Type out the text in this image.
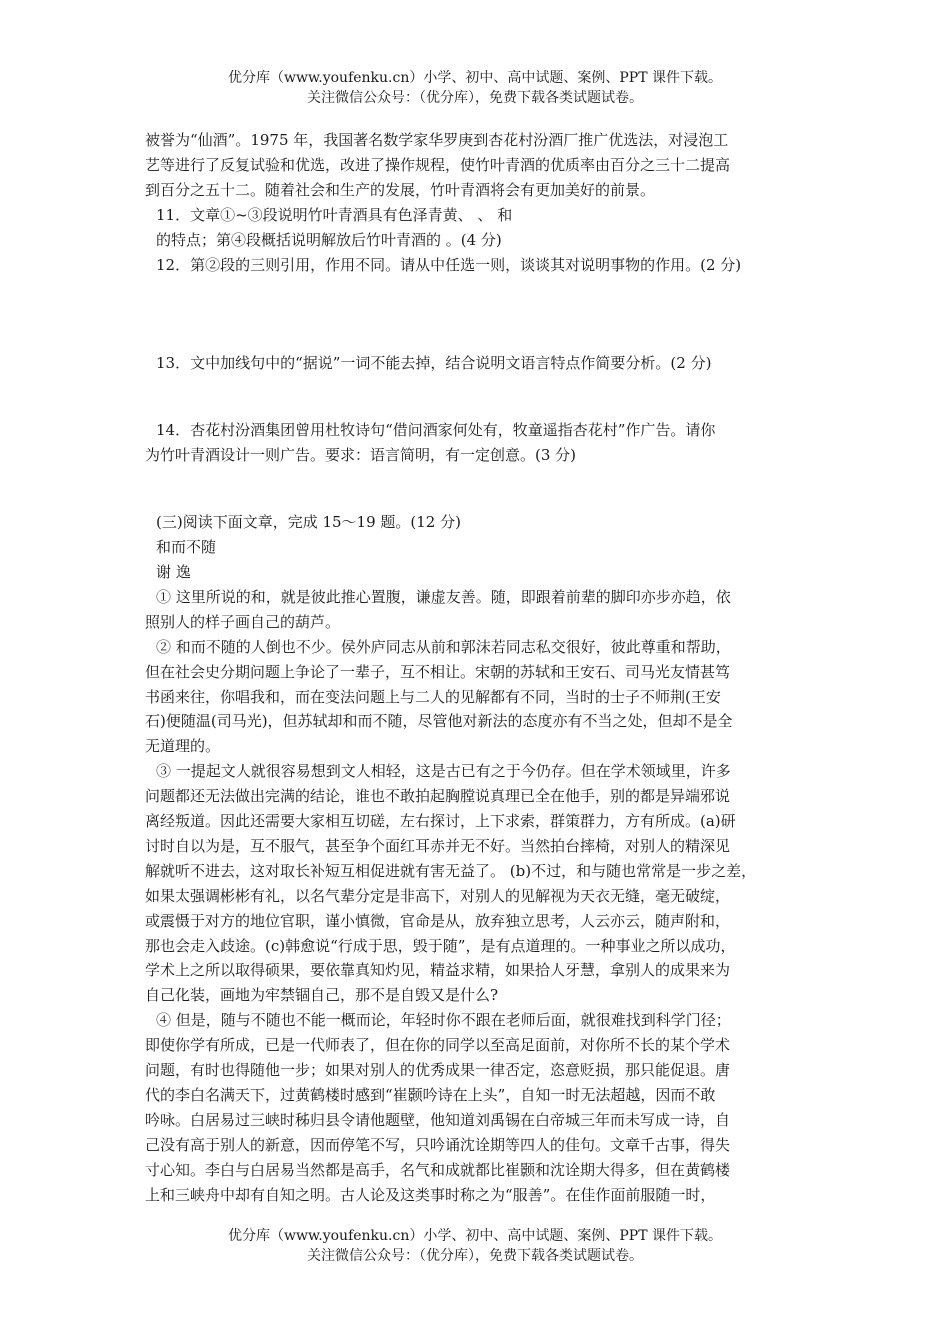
优分库（www.youfenku.cn）小学、初中、高中试题、案例、PPT 课件下载。
关注微信公众号：（优分库），免费下载各类试题试卷。

被誉为“仙酒”。1975 年，我国著名数学家华罗庚到杏花村汾酒厂推广优选法，对浸泡工

艺等进行了反复试验和优选，改进了操作规程，使竹叶青酒的优质率由百分之三十二提高

到百分之五十二。随着社会和生产的发展，竹叶青酒将会有更加美好的前景。

11．文章①~③段说明竹叶青酒具有色泽青黄、 、 和

的特点；第④段概括说明解放后竹叶青酒的 。(4 分)

12．第②段的三则引用，作用不同。请从中任选一则，谈谈其对说明事物的作用。(2 分)

13．文中加线句中的“据说”一词不能去掉，结合说明文语言特点作简要分析。(2 分)

14．杏花村汾酒集团曾用杜牧诗句“借问酒家何处有，牧童遥指杏花村”作广告。请你

为竹叶青酒设计一则广告。要求：语言简明，有一定创意。(3 分)

(三)阅读下面文章，完成 15～19 题。(12 分)

和而不随

谢 逸

① 这里所说的和，就是彼此推心置腹，谦虚友善。随，即跟着前辈的脚印亦步亦趋，依

照别人的样子画自己的葫芦。

② 和而不随的人倒也不少。侯外庐同志从前和郭沫若同志私交很好，彼此尊重和帮助，

但在社会史分期问题上争论了一辈子，互不相让。宋朝的苏轼和王安石、司马光友情甚笃

书函来往，你唱我和，而在变法问题上与二人的见解都有不同，当时的士子不师荆(王安

石)便随温(司马光)，但苏轼却和而不随，尽管他对新法的态度亦有不当之处，但却不是全

无道理的。

③ 一提起文人就很容易想到文人相轻，这是古已有之于今仍存。但在学术领域里，许多

问题都还无法做出完满的结论，谁也不敢拍起胸膛说真理已全在他手，别的都是异端邪说

离经叛道。因此还需要大家相互切磋，左右探讨，上下求索，群策群力，方有所成。(a)研

讨时自以为是，互不服气，甚至争个面红耳赤并无不好。当然拍台摔椅，对别人的精深见

解就听不进去，这对取长补短互相促进就有害无益了。 (b)不过，和与随也常常是一步之差，

如果太强调彬彬有礼，以名气辈分定是非高下，对别人的见解视为天衣无缝，毫无破绽，

或震慑于对方的地位官职，谨小慎微，官命是从，放弃独立思考，人云亦云，随声附和，

那也会走入歧途。(c)韩愈说“行成于思，毁于随”，是有点道理的。一种事业之所以成功，

学术上之所以取得硕果，要依靠真知灼见，精益求精，如果拾人牙慧，拿别人的成果来为

自己化装，画地为牢禁锢自己，那不是自毁又是什么?

④ 但是，随与不随也不能一概而论，年轻时你不跟在老师后面，就很难找到科学门径；

即使你学有所成，已是一代师表了，但在你的同学以至高足面前，对你所不长的某个学术

问题，有时也得随他一步；如果对别人的优秀成果一律否定，恣意贬损，那只能促退。唐

代的李白名满天下，过黄鹤楼时感到“崔颢吟诗在上头”，自知一时无法超越，因而不敢

吟咏。白居易过三峡时秭归县令请他题壁，他知道刘禹锡在白帝城三年而未写成一诗，自

己没有高于别人的新意，因而停笔不写，只吟诵沈诠期等四人的佳句。文章千古事，得失

寸心知。李白与白居易当然都是高手，名气和成就都比崔颢和沈诠期大得多，但在黄鹤楼

上和三峡舟中却有自知之明。古人论及这类事时称之为“服善”。在佳作面前服随一时，

优分库（www.youfenku.cn）小学、初中、高中试题、案例、PPT 课件下载。
关注微信公众号：（优分库），免费下载各类试题试卷。
